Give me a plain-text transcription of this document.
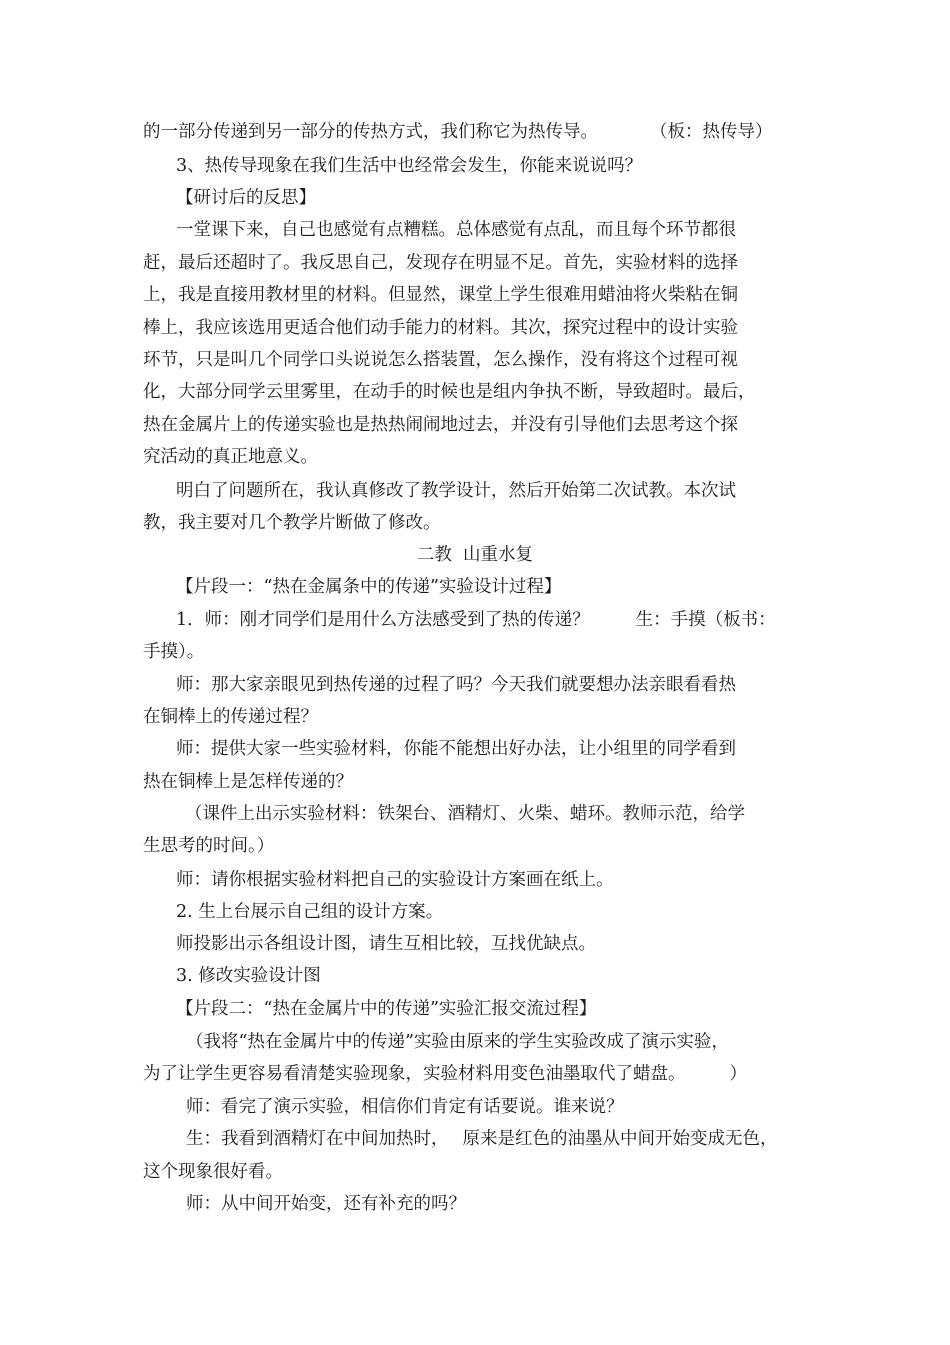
的一部分传递到另一部分的传热方式，我们称它为热传导。	（板：热传导）
3、热传导现象在我们生活中也经常会发生，你能来说说吗？
【研讨后的反思】
一堂课下来，自己也感觉有点糟糕。总体感觉有点乱，而且每个环节都很
赶，最后还超时了。我反思自己，发现存在明显不足。首先，实验材料的选择
上，我是直接用教材里的材料。但显然，课堂上学生很难用蜡油将火柴粘在铜
棒上，我应该选用更适合他们动手能力的材料。其次，探究过程中的设计实验
环节，只是叫几个同学口头说说怎么搭装置，怎么操作，没有将这个过程可视
化，大部分同学云里雾里，在动手的时候也是组内争执不断，导致超时。最后，
热在金属片上的传递实验也是热热闹闹地过去，并没有引导他们去思考这个探
究活动的真正地意义。
明白了问题所在，我认真修改了教学设计，然后开始第二次试教。本次试
教，我主要对几个教学片断做了修改。
二教  山重水复
【片段一：“热在金属条中的传递”实验设计过程】
1．师：刚才同学们是用什么方法感受到了热的传递？	生：手摸（板书：
手摸）。
师：那大家亲眼见到热传递的过程了吗？今天我们就要想办法亲眼看看热
在铜棒上的传递过程？
师：提供大家一些实验材料，你能不能想出好办法，让小组里的同学看到
热在铜棒上是怎样传递的？
（课件上出示实验材料：铁架台、酒精灯、火柴、蜡环。教师示范，给学
生思考的时间。）
师：请你根据实验材料把自己的实验设计方案画在纸上。
2. 生上台展示自己组的设计方案。
师投影出示各组设计图，请生互相比较，互找优缺点。
3. 修改实验设计图
【片段二：“热在金属片中的传递”实验汇报交流过程】
（我将“热在金属片中的传递”实验由原来的学生实验改成了演示实验，
为了让学生更容易看清楚实验现象，实验材料用变色油墨取代了蜡盘。	）
师：看完了演示实验，相信你们肯定有话要说。谁来说？
生：我看到酒精灯在中间加热时， 原来是红色的油墨从中间开始变成无色，
这个现象很好看。
师：从中间开始变，还有补充的吗？
